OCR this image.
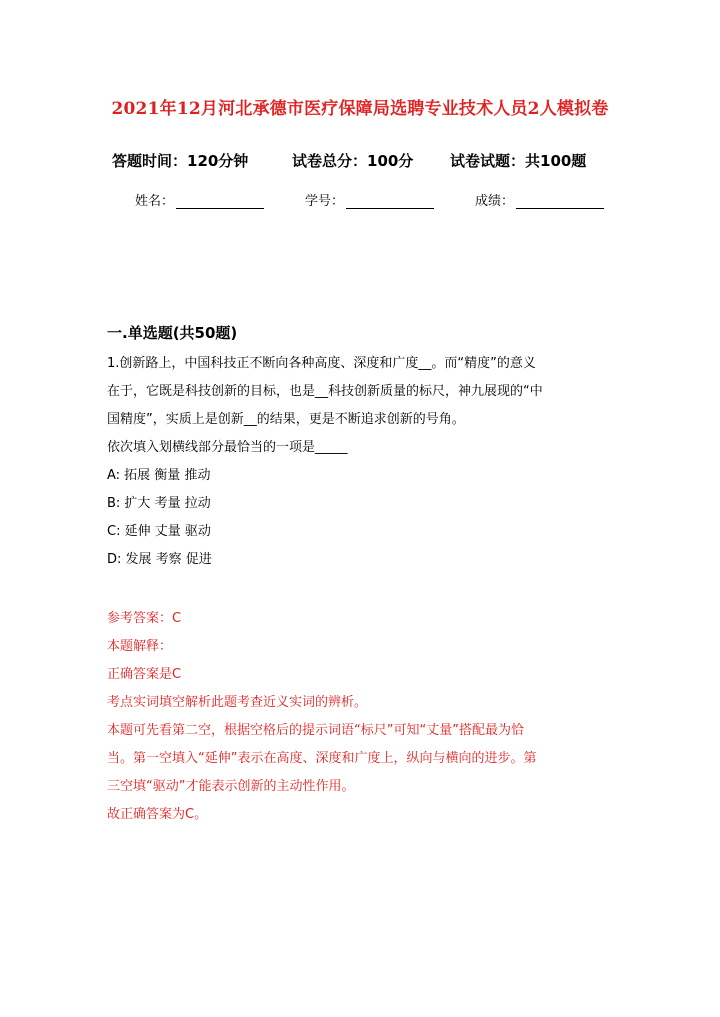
2021年12月河北承德市医疗保障局选聘专业技术人员2人模拟卷
答题时间：120分钟	试卷总分：100分 试卷试题：共100题
姓名：	学号：	成绩：
一.单选题(共50题)
1.创新路上，中国科技正不断向各种高度、深度和广度__。而“精度”的意义
在于，它既是科技创新的目标，也是__科技创新质量的标尺，神九展现的“中
国精度”，实质上是创新__的结果，更是不断追求创新的号角。
依次填入划横线部分最恰当的一项是_____
A: 拓展 衡量 推动
B: 扩大 考量 拉动
C: 延伸 丈量 驱动
D: 发展 考察 促进
参考答案：C
本题解释：
正确答案是C
考点实词填空解析此题考查近义实词的辨析。
本题可先看第二空，根据空格后的提示词语“标尺”可知“丈量”搭配最为恰
当。第一空填入“延伸”表示在高度、深度和广度上，纵向与横向的进步。第
三空填“驱动”才能表示创新的主动性作用。
故正确答案为C。
